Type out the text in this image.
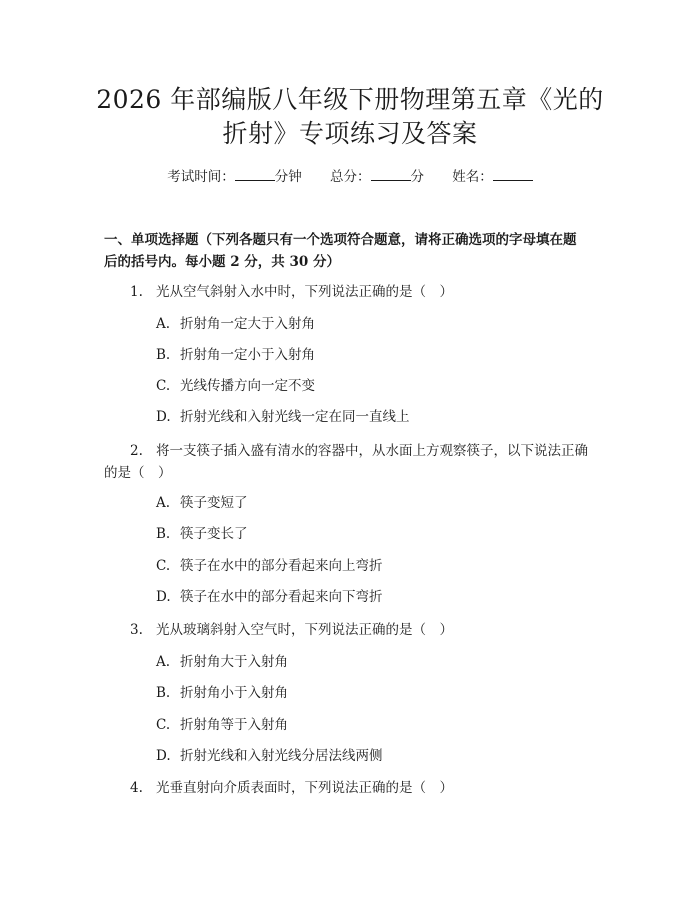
2026 年部编版八年级下册物理第五章《光的
折射》专项练习及答案
考试时间：	分钟 总分：	分 姓名：
一、单项选择题（下列各题只有一个选项符合题意，请将正确选项的字母填在题
后的括号内。每小题 2 分，共 30 分）
1. 光从空气斜射入水中时，下列说法正确的是（　）
A. 折射角一定大于入射角
B. 折射角一定小于入射角
C. 光线传播方向一定不变
D. 折射光线和入射光线一定在同一直线上
2. 将一支筷子插入盛有清水的容器中，从水面上方观察筷子，以下说法正确
的是（　）
A. 筷子变短了
B. 筷子变长了
C. 筷子在水中的部分看起来向上弯折
D. 筷子在水中的部分看起来向下弯折
3. 光从玻璃斜射入空气时，下列说法正确的是（　）
A. 折射角大于入射角
B. 折射角小于入射角
C. 折射角等于入射角
D. 折射光线和入射光线分居法线两侧
4. 光垂直射向介质表面时，下列说法正确的是（　）
